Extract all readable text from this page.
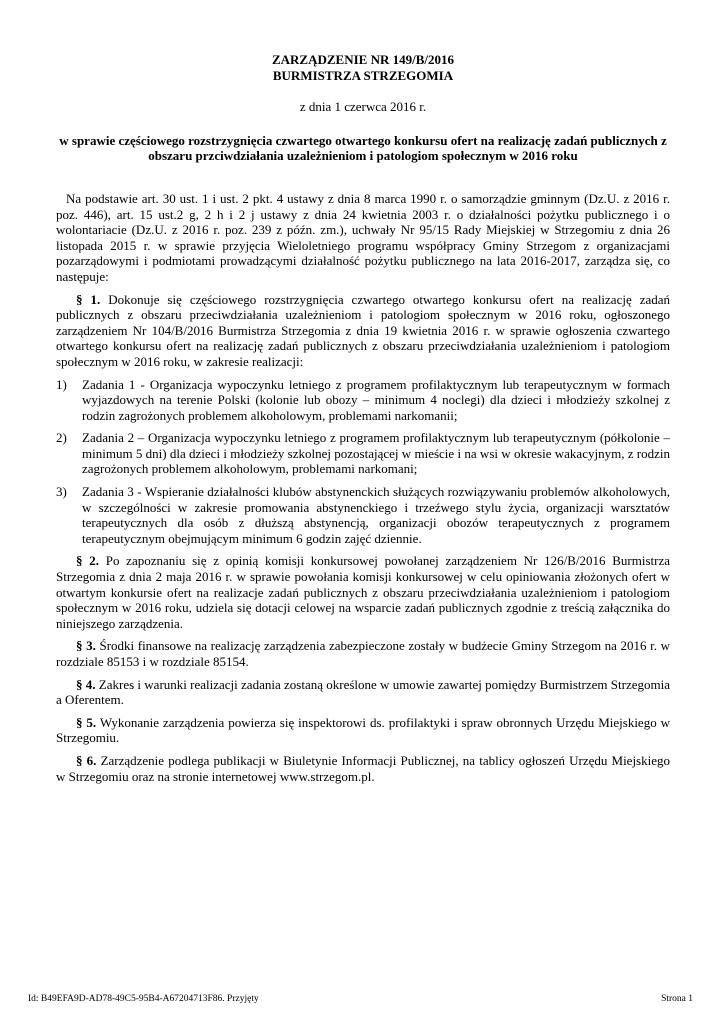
ZARZĄDZENIE NR 149/B/2016

BURMISTRZA STRZEGOMIA

z dnia 1 czerwca 2016 r.

w sprawie częściowego rozstrzygnięcia czwartego otwartego konkursu ofert na realizację zadań publicznych z obszaru przciwdziałania uzależnieniom i patologiom społecznym w 2016 roku

Na podstawie art. 30 ust. 1 i ust. 2 pkt. 4 ustawy z dnia 8 marca 1990 r. o samorządzie gminnym (Dz.U. z 2016 r. poz. 446), art. 15 ust.2 g, 2 h i 2 j ustawy z dnia 24 kwietnia 2003 r. o działalności pożytku publicznego i o wolontariacie (Dz.U. z 2016 r. poz. 239 z późn. zm.), uchwały Nr 95/15 Rady Miejskiej w Strzegomiu z dnia 26 listopada 2015 r. w sprawie przyjęcia Wieloletniego programu współpracy Gminy Strzegom z organizacjami pozarządowymi i podmiotami prowadzącymi działalność pożytku publicznego na lata 2016-2017, zarządza się, co następuje:

§ 1. Dokonuje się częściowego rozstrzygnięcia czwartego otwartego konkursu ofert na realizację zadań publicznych z obszaru przeciwdziałania uzależnieniom i patologiom społecznym w 2016 roku, ogłoszonego zarządzeniem Nr 104/B/2016 Burmistrza Strzegomia z dnia 19 kwietnia 2016 r. w sprawie ogłoszenia czwartego otwartego konkursu ofert na realizację zadań publicznych z obszaru przeciwdziałania uzależnieniom i patologiom społecznym w 2016 roku, w zakresie realizacji:

1)	Zadania 1 - Organizacja wypoczynku letniego z programem profilaktycznym lub terapeutycznym w formach wyjazdowych na terenie Polski (kolonie lub obozy – minimum 4 noclegi) dla dzieci i młodzieży szkolnej z rodzin zagrożonych problemem alkoholowym, problemami narkomanii;
2)	Zadania 2 – Organizacja wypoczynku letniego z programem profilaktycznym lub terapeutycznym (półkolonie – minimum 5 dni) dla dzieci i młodzieży szkolnej pozostającej w mieście i na wsi w okresie wakacyjnym, z rodzin zagrożonych problemem alkoholowym, problemami narkomani;
3)	Zadania 3 - Wspieranie działalności klubów abstynenckich służących rozwiązywaniu problemów alkoholowych, w szczególności w zakresie promowania abstynenckiego i trzeźwego stylu życia, organizacji warsztatów terapeutycznych dla osób z dłuższą abstynencją, organizacji obozów terapeutycznych z programem terapeutycznym obejmującym minimum 6 godzin zajęć dziennie.

§ 2. Po zapoznaniu się z opinią komisji konkursowej powołanej zarządzeniem Nr 126/B/2016 Burmistrza Strzegomia z dnia 2 maja 2016 r. w sprawie powołania komisji konkursowej w celu opiniowania złożonych ofert w otwartym konkursie ofert na realizacje zadań publicznych z obszaru przeciwdziałania uzależnieniom i patologiom społecznym w 2016 roku, udziela się dotacji celowej na wsparcie zadań publicznych zgodnie z treścią załącznika do niniejszego zarządzenia.

§ 3. Środki finansowe na realizację zarządzenia zabezpieczone zostały w budżecie Gminy Strzegom na 2016 r. w rozdziale 85153 i w rozdziale 85154.

§ 4. Zakres i warunki realizacji zadania zostaną określone w umowie zawartej pomiędzy Burmistrzem Strzegomia a Oferentem.

§ 5. Wykonanie zarządzenia powierza się inspektorowi ds. profilaktyki i spraw obronnych Urzędu Miejskiego w Strzegomiu.

§ 6. Zarządzenie podlega publikacji w Biuletynie Informacji Publicznej, na tablicy ogłoszeń Urzędu Miejskiego w Strzegomiu oraz na stronie internetowej www.strzegom.pl.

Id: B49EFA9D-AD78-49C5-95B4-A67204713F86. Przyjęty	Strona 1
